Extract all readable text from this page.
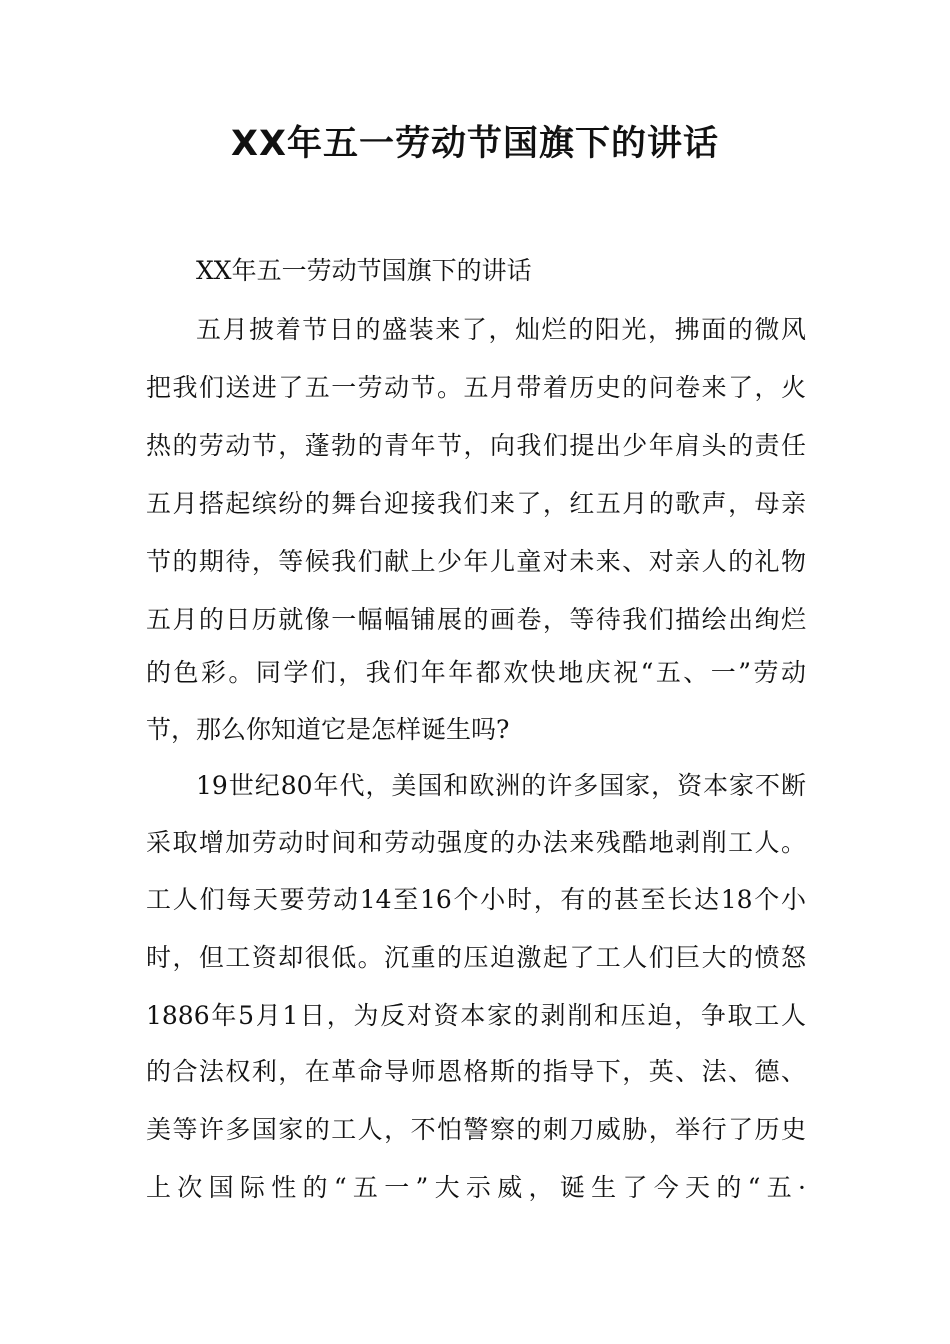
XX年五一劳动节国旗下的讲话
XX年五一劳动节国旗下的讲话
五月披着节日的盛装来了，灿烂的阳光，拂面的微风
把我们送进了五一劳动节。五月带着历史的问卷来了，火
热的劳动节，蓬勃的青年节，向我们提出少年肩头的责任
五月搭起缤纷的舞台迎接我们来了，红五月的歌声，母亲
节的期待，等候我们献上少年儿童对未来、对亲人的礼物
五月的日历就像一幅幅铺展的画卷，等待我们描绘出绚烂
的色彩。同学们，我们年年都欢快地庆祝“五、一”劳动
节，那么你知道它是怎样诞生吗?
19世纪80年代，美国和欧洲的许多国家，资本家不断
采取增加劳动时间和劳动强度的办法来残酷地剥削工人。
工人们每天要劳动14至16个小时，有的甚至长达18个小
时，但工资却很低。沉重的压迫激起了工人们巨大的愤怒
1886年5月1日，为反对资本家的剥削和压迫，争取工人
的合法权利，在革命导师恩格斯的指导下，英、法、德、
美等许多国家的工人，不怕警察的刺刀威胁，举行了历史
上次国际性的“五一”大示威，诞生了今天的“五·
